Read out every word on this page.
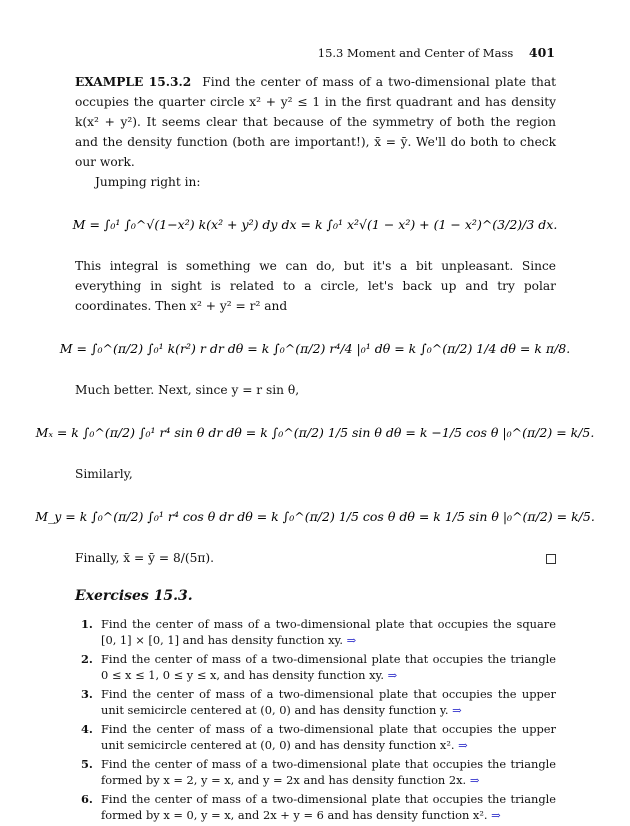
15.3 Moment and Center of Mass 401

EXAMPLE 15.3.2 Find the center of mass of a two-dimensional plate that occupies the quarter circle x² + y² ≤ 1 in the first quadrant and has density k(x² + y²). It seems clear that because of the symmetry of both the region and the density function (both are important!), x̄ = ȳ. We'll do both to check our work.

Jumping right in:

M = ∫₀¹ ∫₀^√(1−x²) k(x² + y²) dy dx = k ∫₀¹ x²√(1 − x²) + (1 − x²)^(3/2)/3 dx.

This integral is something we can do, but it's a bit unpleasant. Since everything in sight is related to a circle, let's back up and try polar coordinates. Then x² + y² = r² and

M = ∫₀^(π/2) ∫₀¹ k(r²) r dr dθ = k ∫₀^(π/2) r⁴/4 |₀¹ dθ = k ∫₀^(π/2) 1/4 dθ = k π/8.

Much better. Next, since y = r sin θ,

Mₓ = k ∫₀^(π/2) ∫₀¹ r⁴ sin θ dr dθ = k ∫₀^(π/2) 1/5 sin θ dθ = k −1/5 cos θ |₀^(π/2) = k/5.

Similarly,

M_y = k ∫₀^(π/2) ∫₀¹ r⁴ cos θ dr dθ = k ∫₀^(π/2) 1/5 cos θ dθ = k 1/5 sin θ |₀^(π/2) = k/5.
Finally, x̄ = ȳ = 8/(5π).
Exercises 15.3.
1. Find the center of mass of a two-dimensional plate that occupies the square [0, 1] × [0, 1] and has density function xy. ⇒
2. Find the center of mass of a two-dimensional plate that occupies the triangle 0 ≤ x ≤ 1, 0 ≤ y ≤ x, and has density function xy. ⇒
3. Find the center of mass of a two-dimensional plate that occupies the upper unit semicircle centered at (0, 0) and has density function y. ⇒
4. Find the center of mass of a two-dimensional plate that occupies the upper unit semicircle centered at (0, 0) and has density function x². ⇒
5. Find the center of mass of a two-dimensional plate that occupies the triangle formed by x = 2, y = x, and y = 2x and has density function 2x. ⇒
6. Find the center of mass of a two-dimensional plate that occupies the triangle formed by x = 0, y = x, and 2x + y = 6 and has density function x². ⇒
